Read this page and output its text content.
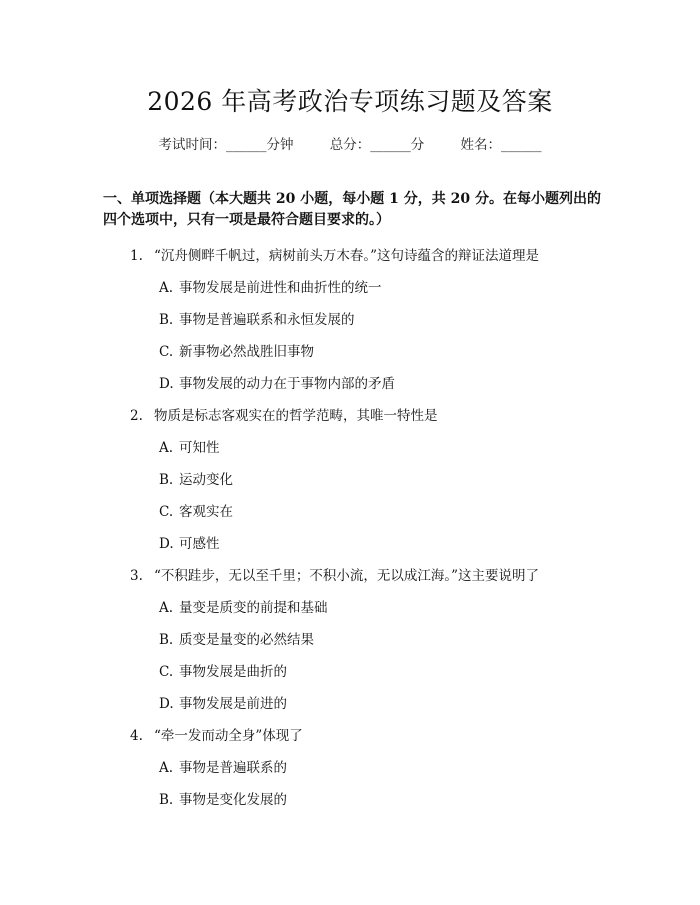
2026 年高考政治专项练习题及答案
考试时间：______分钟	总分：______分	姓名：______
一、单项选择题（本大题共 20 小题，每小题 1 分，共 20 分。在每小题列出的四个选项中，只有一项是最符合题目要求的。）
1. “沉舟侧畔千帆过，病树前头万木春。”这句诗蕴含的辩证法道理是
A. 事物发展是前进性和曲折性的统一
B. 事物是普遍联系和永恒发展的
C. 新事物必然战胜旧事物
D. 事物发展的动力在于事物内部的矛盾
2. 物质是标志客观实在的哲学范畴，其唯一特性是
A. 可知性
B. 运动变化
C. 客观实在
D. 可感性
3. “不积跬步，无以至千里；不积小流，无以成江海。”这主要说明了
A. 量变是质变的前提和基础
B. 质变是量变的必然结果
C. 事物发展是曲折的
D. 事物发展是前进的
4. “牵一发而动全身”体现了
A. 事物是普遍联系的
B. 事物是变化发展的
